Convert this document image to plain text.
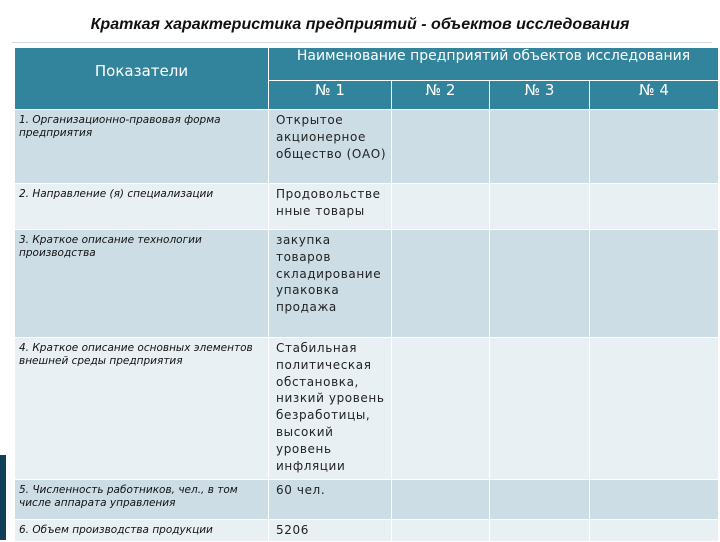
Краткая характеристика предприятий - объектов исследования
Показатели	Наименование предприятий объектов исследования			
	№ 1	№ 2	№ 3	№ 4
1. Организационно-правовая форма предприятия	Открытое акционерное общество (ОАО)			
2. Направление (я) специализации	Продовольстве нные товары			
3. Краткое описание технологии производства	закупка товаров складирование упаковка продажа			
4. Краткое описание основных элементов внешней среды предприятия	Стабильная политическая обстановка, низкий уровень безработицы, высокий уровень инфляции			
5. Численность работников, чел., в том числе аппарата управления	60 чел.			
6. Объем производства продукции	5206			
